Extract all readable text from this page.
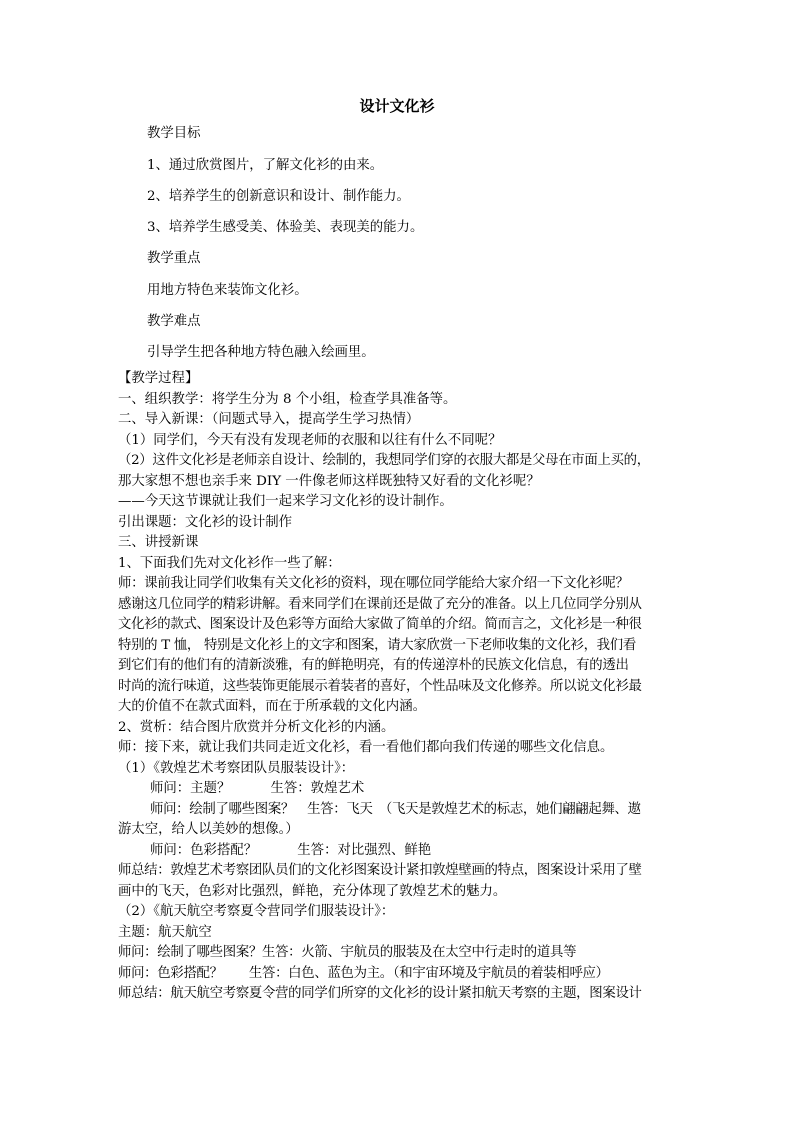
设计文化衫
教学目标
1、通过欣赏图片，了解文化衫的由来。
2、培养学生的创新意识和设计、制作能力。
3、培养学生感受美、体验美、表现美的能力。
教学重点
用地方特色来装饰文化衫。
教学难点
引导学生把各种地方特色融入绘画里。

【教学过程】

一、组织教学：将学生分为 8 个小组，检查学具准备等。

二、导入新课：（问题式导入，提高学生学习热情）

（1）同学们，今天有没有发现老师的衣服和以往有什么不同呢？

（2）这件文化衫是老师亲自设计、绘制的，我想同学们穿的衣服大都是父母在市面上买的，

那大家想不想也亲手来 DIY 一件像老师这样既独特又好看的文化衫呢？

——今天这节课就让我们一起来学习文化衫的设计制作。

引出课题：文化衫的设计制作

三、讲授新课

1、下面我们先对文化衫作一些了解：

师：课前我让同学们收集有关文化衫的资料，现在哪位同学能给大家介绍一下文化衫呢？

感谢这几位同学的精彩讲解。看来同学们在课前还是做了充分的准备。以上几位同学分别从

文化衫的款式、图案设计及色彩等方面给大家做了简单的介绍。简而言之，文化衫是一种很

特别的 T 恤， 特别是文化衫上的文字和图案，请大家欣赏一下老师收集的文化衫，我们看

到它们有的他们有的清新淡雅，有的鲜艳明亮，有的传递淳朴的民族文化信息，有的透出

时尚的流行味道，这些装饰更能展示着装者的喜好，个性品味及文化修养。所以说文化衫最

大的价值不在款式面料，而在于所承载的文化内涵。

2、赏析：结合图片欣赏并分析文化衫的内涵。

师：接下来，就让我们共同走近文化衫，看一看他们都向我们传递的哪些文化信息。

（1）《敦煌艺术考察团队员服装设计》：

师问：主题？　　　生答：敦煌艺术

师问：绘制了哪些图案？　生答：飞天　（飞天是敦煌艺术的标志，她们翩翩起舞、遨

游太空，给人以美妙的想像。）

师问：色彩搭配？　　　生答：对比强烈、鲜艳

师总结：敦煌艺术考察团队员们的文化衫图案设计紧扣敦煌壁画的特点，图案设计采用了壁

画中的飞天，色彩对比强烈，鲜艳，充分体现了敦煌艺术的魅力。

（2）《航天航空考察夏令营同学们服装设计》：

主题：航天航空

师问：绘制了哪些图案？生答：火箭、宇航员的服装及在太空中行走时的道具等

师问：色彩搭配？　　生答：白色、蓝色为主。（和宇宙环境及宇航员的着装相呼应）

师总结：航天航空考察夏令营的同学们所穿的文化衫的设计紧扣航天考察的主题，图案设计
